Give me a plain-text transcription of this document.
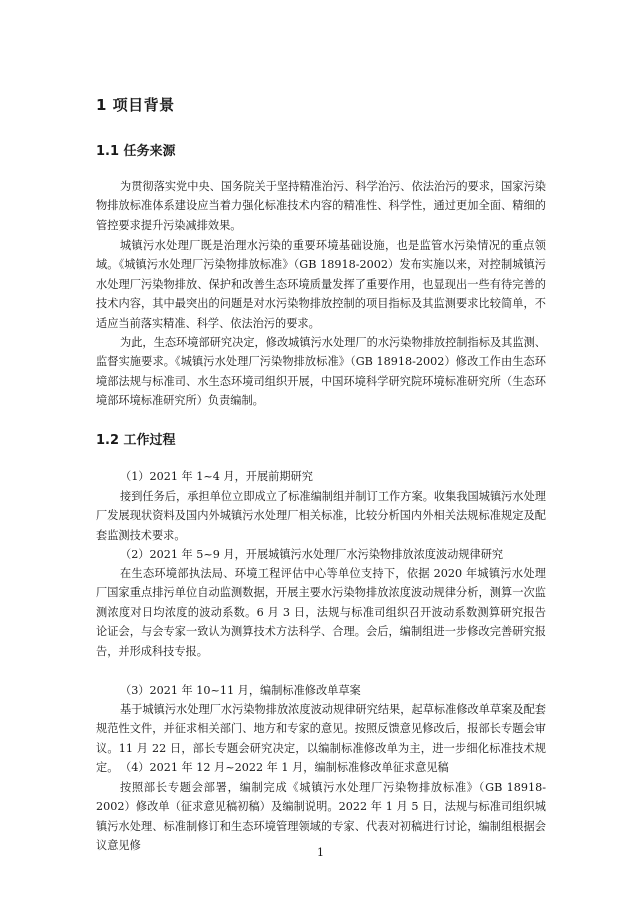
1 项目背景
1.1 任务来源

为贯彻落实党中央、国务院关于坚持精准治污、科学治污、依法治污的要求，国家污染物排放标准体系建设应当着力强化标准技术内容的精准性、科学性，通过更加全面、精细的管控要求提升污染减排效果。

城镇污水处理厂既是治理水污染的重要环境基础设施，也是监管水污染情况的重点领域。《城镇污水处理厂污染物排放标准》（GB 18918-2002）发布实施以来，对控制城镇污水处理厂污染物排放、保护和改善生态环境质量发挥了重要作用，也显现出一些有待完善的技术内容，其中最突出的问题是对水污染物排放控制的项目指标及其监测要求比较简单，不适应当前落实精准、科学、依法治污的要求。

为此，生态环境部研究决定，修改城镇污水处理厂的水污染物排放控制指标及其监测、监督实施要求。《城镇污水处理厂污染物排放标准》（GB 18918-2002）修改工作由生态环境部法规与标准司、水生态环境司组织开展，中国环境科学研究院环境标准研究所（生态环境部环境标准研究所）负责编制。

1.2 工作过程

（1）2021 年 1~4 月，开展前期研究

接到任务后，承担单位立即成立了标准编制组并制订工作方案。收集我国城镇污水处理厂发展现状资料及国内外城镇污水处理厂相关标准，比较分析国内外相关法规标准规定及配套监测技术要求。

（2）2021 年 5~9 月，开展城镇污水处理厂水污染物排放浓度波动规律研究

在生态环境部执法局、环境工程评估中心等单位支持下，依据 2020 年城镇污水处理厂国家重点排污单位自动监测数据，开展主要水污染物排放浓度波动规律分析，测算一次监测浓度对日均浓度的波动系数。6 月 3 日，法规与标准司组织召开波动系数测算研究报告论证会，与会专家一致认为测算技术方法科学、合理。会后，编制组进一步修改完善研究报告，并形成科技专报。

（3）2021 年 10~11 月，编制标准修改单草案

基于城镇污水处理厂水污染物排放浓度波动规律研究结果，起草标准修改单草案及配套规范性文件，并征求相关部门、地方和专家的意见。按照反馈意见修改后，报部长专题会审议。11 月 22 日，部长专题会研究决定，以编制标准修改单为主，进一步细化标准技术规定。 （4）2021 年 12 月~2022 年 1 月，编制标准修改单征求意见稿

按照部长专题会部署，编制完成《城镇污水处理厂污染物排放标准》（GB 18918-2002）修改单（征求意见稿初稿）及编制说明。2022 年 1 月 5 日，法规与标准司组织城镇污水处理、标准制修订和生态环境管理领域的专家、代表对初稿进行讨论，编制组根据会议意见修

1
